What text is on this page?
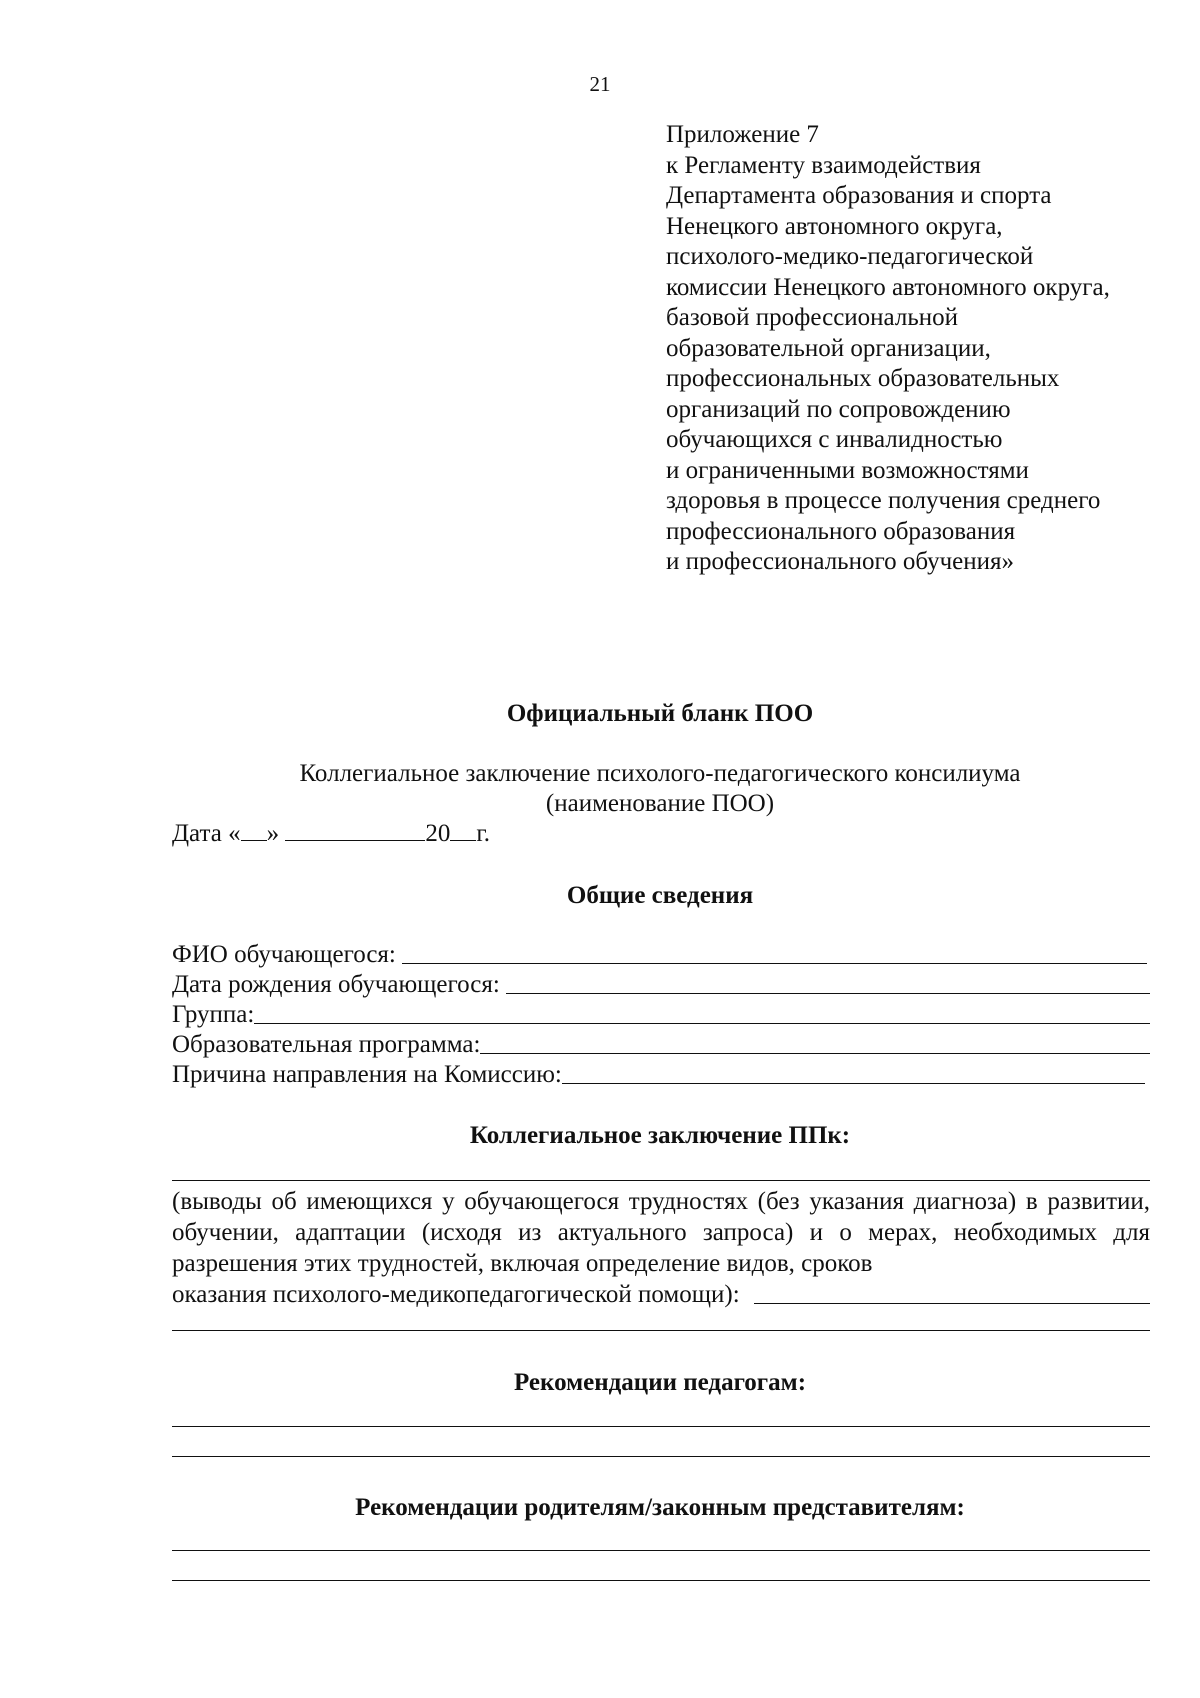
21
Приложение 7
к Регламенту взаимодействия
Департамента образования и спорта
Ненецкого автономного округа,
психолого-медико-педагогической
комиссии Ненецкого автономного округа,
базовой профессиональной
образовательной организации,
профессиональных образовательных
организаций по сопровождению
обучающихся с инвалидностью
и ограниченными возможностями
здоровья в процессе получения среднего
профессионального образования
и профессионального обучения»
Официальный бланк ПОО
Коллегиальное заключение психолого-педагогического консилиума
(наименование ПОО)
Дата « »	20 г.
Общие сведения
ФИО обучающегося:
Дата рождения обучающегося:
Группа:
Образовательная программа:
Причина направления на Комиссию:
Коллегиальное заключение ППк:
(выводы об имеющихся у обучающегося трудностях (без указания диагноза) в развитии, обучении, адаптации (исходя из актуального запроса) и о мерах, необходимых для разрешения этих трудностей, включая определение видов, сроков
оказания психолого-медикопедагогической помощи):
Рекомендации педагогам:
Рекомендации родителям/законным представителям:
